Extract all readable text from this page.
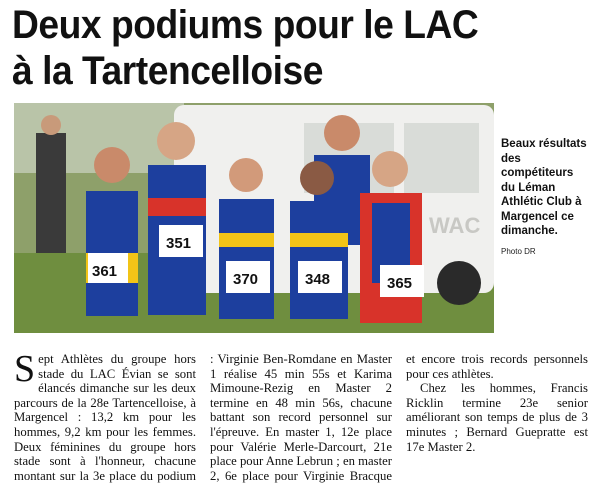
Deux podiums pour le LAC
à la Tartencelloise
WAC
361
351
370	348	365
Beaux résultats des compétiteurs du Léman Athlétic Club à Margencel ce dimanche.
Photo DR

Sept Athlètes du groupe hors stade du LAC Évian se sont élancés dimanche sur les deux parcours de la 28e Tartencelloise, à Margencel : 13,2 km pour les hommes, 9,2 km pour les femmes. Deux féminines du groupe hors stade sont à l'honneur, chacune montant sur la 3e place du podium : Virginie Ben-Romdane en Master 1 réalise 45 min 55s et Karima Mimoune-Rezig en Master 2 termine en 48 min 56s, chacune battant son record personnel sur l'épreuve. En master 1, 12e place pour Valérie Merle-Darcourt, 21e place pour Anne Lebrun ; en master 2, 6e place pour Virginie Bracque et encore trois records personnels pour ces athlètes.

Chez les hommes, Francis Ricklin termine 23e senior améliorant son temps de plus de 3 minutes ; Bernard Guepratte est 17e Master 2.
